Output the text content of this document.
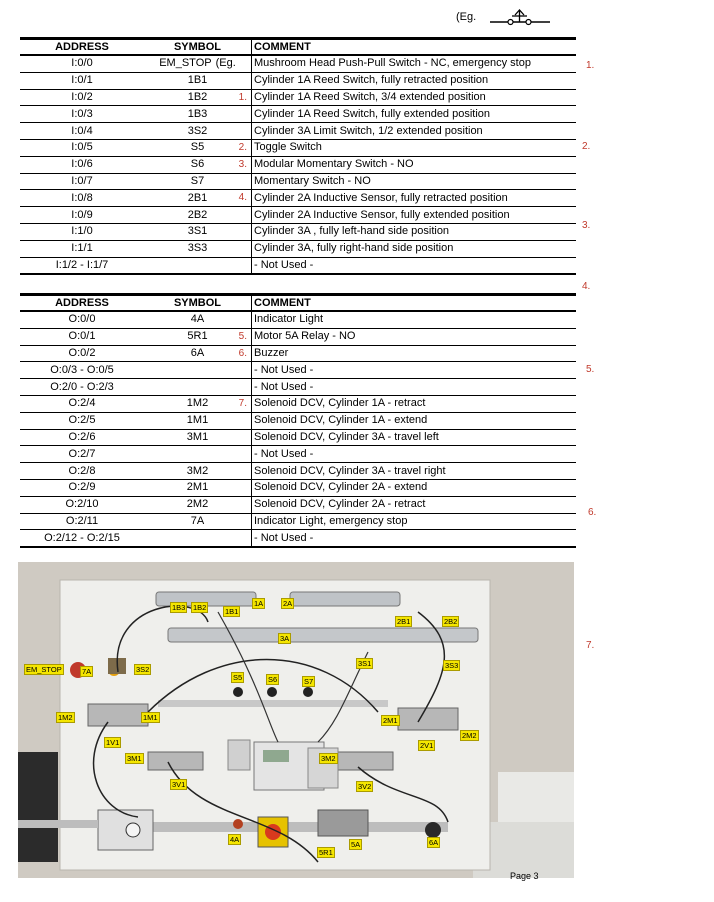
(Eg.
ADDRESS	SYMBOL	COMMENT
I:0/0	EM_STOP (Eg.	Mushroom Head Push-Pull Switch - NC, emergency stop
I:0/1	1B1	Cylinder 1A Reed Switch, fully retracted position
I:0/2	1B2 1.	Cylinder 1A Reed Switch, 3/4 extended position
I:0/3	1B3	Cylinder 1A Reed Switch, fully extended position
I:0/4	3S2	Cylinder 3A Limit Switch, 1/2 extended position
I:0/5	S5 2.	Toggle Switch
I:0/6	S6 3.	Modular Momentary Switch - NO
I:0/7	S7	Momentary Switch - NO
I:0/8	2B1 4.	Cylinder 2A Inductive Sensor, fully retracted position
I:0/9	2B2	Cylinder 2A Inductive Sensor, fully extended position
I:1/0	3S1	Cylinder 3A , fully left-hand side position
I:1/1	3S3	Cylinder 3A, fully right-hand side position
I:1/2 - I:1/7		- Not Used -
ADDRESS	SYMBOL	COMMENT
O:0/0	4A	Indicator Light
O:0/1	5R1 5.	Motor 5A Relay - NO
O:0/2	6A 6.	Buzzer
O:0/3 - O:0/5		- Not Used -
O:2/0 - O:2/3		- Not Used -
O:2/4	1M2 7.	Solenoid DCV, Cylinder 1A - retract
O:2/5	1M1	Solenoid DCV, Cylinder 1A - extend
O:2/6	3M1	Solenoid DCV, Cylinder 3A - travel left
O:2/7		- Not Used -
O:2/8	3M2	Solenoid DCV, Cylinder 3A - travel right
O:2/9	2M1	Solenoid DCV, Cylinder 2A - extend
O:2/10	2M2	Solenoid DCV, Cylinder 2A - retract
O:2/11	7A	Indicator Light, emergency stop
O:2/12 - O:2/15		- Not Used -
1.
2.
3.
4.
5.
6.
7.
1B3 1B2 1B1
1A	2A
2B1	2B2
3A
3S1	3S3
EM_STOP	7A	3S2
S5	S6	S7
1M2	1M1
1V1
3M1
3V1
2M1
2M2
2V1
3M2
3V2
4A
5A
5R1
6A
Page 3
